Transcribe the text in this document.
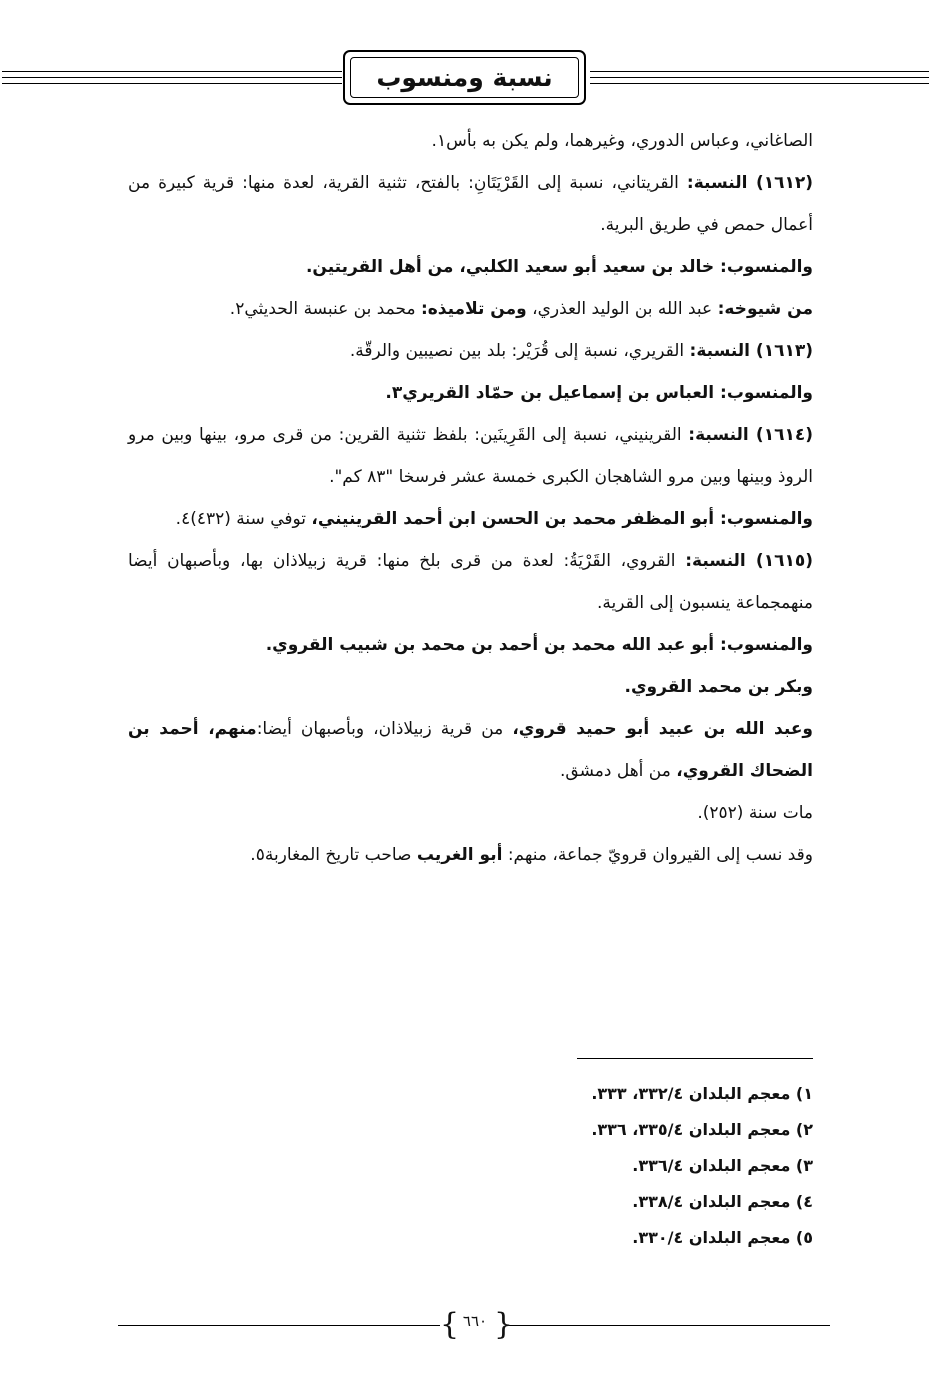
نسبة ومنسوب

الصاغاني، وعباس الدوري، وغيرهما، ولم يكن به بأس١.

(١٦١٢) النسبة: القريتاني، نسبة إلى القَرْيَتَانِ: بالفتح، تثنية القرية، لعدة منها: قرية كبيرة من أعمال حمص في طريق البرية.

والمنسوب: خالد بن سعيد أبو سعيد الكلبي، من أهل القريتين.

من شيوخه: عبد الله بن الوليد العذري، ومن تلاميذه: محمد بن عنبسة الحديثي٢.

(١٦١٣) النسبة: القريري، نسبة إلى قُرَيْر: بلد بين نصيبين والرقّة.

والمنسوب: العباس بن إسماعيل بن حمّاد القريري٣.

(١٦١٤) النسبة: القرينيني، نسبة إلى القَرِينَين: بلفظ تثنية القرين: من قرى مرو، بينها وبين مرو الروذ وبينها وبين مرو الشاهجان الكبرى خمسة عشر فرسخا "٨٣ كم".

والمنسوب: أبو المظفر محمد بن الحسن ابن أحمد القرينيني، توفي سنة (٤٣٢)٤.

(١٦١٥) النسبة: القروي، القَرْيَةُ: لعدة من قرى بلخ منها: قرية زبيلاذان بها، وبأصبهان أيضا منهمجماعة ينسبون إلى القرية.

والمنسوب: أبو عبد الله محمد بن أحمد بن محمد بن شبيب القروي.

وبكر بن محمد القروي.

وعبد الله بن عبيد أبو حميد قروي، من قرية زبيلاذان، وبأصبهان أيضا:منهم، أحمد بن الضحاك القروي، من أهل دمشق.

مات سنة (٢٥٢).

وقد نسب إلى القيروان قرويّ جماعة، منهم: أبو الغريب صاحب تاريخ المغاربة٥.

١) معجم البلدان ٣٣٢/٤، ٣٣٣.
٢) معجم البلدان ٣٣٥/٤، ٣٣٦.
٣) معجم البلدان ٣٣٦/٤.
٤) معجم البلدان ٣٣٨/٤.
٥) معجم البلدان ٣٣٠/٤.
{ }
٦٦٠
